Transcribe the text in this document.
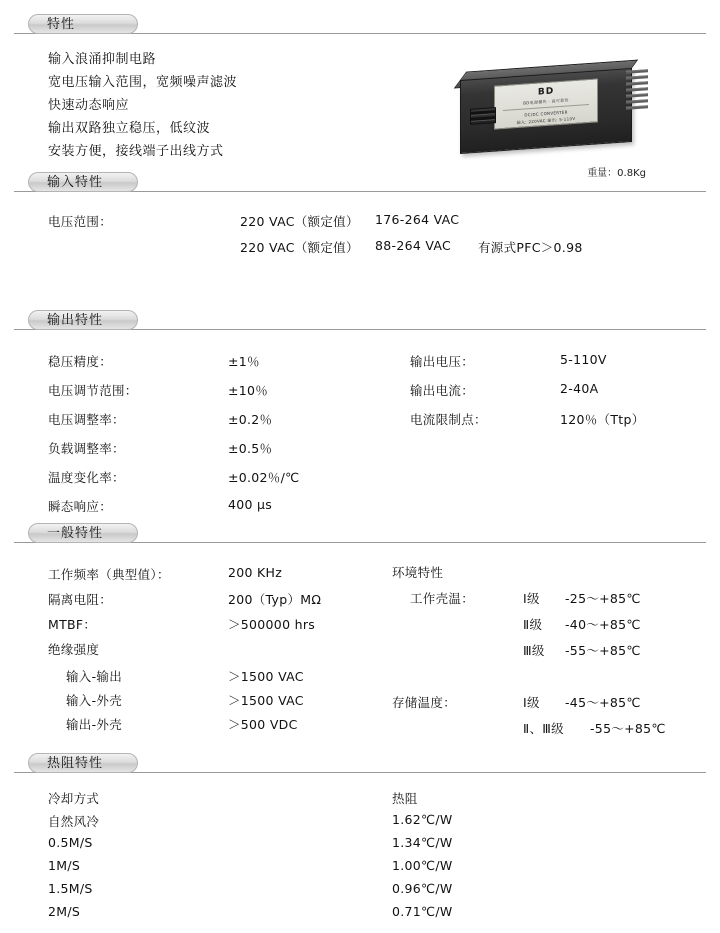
特性
输入浪涌抑制电路
宽电压输入范围，宽频噪声滤波
快速动态响应
输出双路独立稳压，低纹波
安装方便，接线端子出线方式
BD
BD电源模块 · 高可靠性
DC/DC CONVERTER
输入: 220VAC 输出: 5-110V
重量：0.8Kg
输入特性
电压范围：	220 VAC（额定值） 176-264 VAC
220 VAC（额定值） 88-264 VAC 有源式PFC＞0.98
输出特性
稳压精度：	±1％	输出电压：	5-110V
电压调节范围：	±10％	输出电流：	2-40A
电压调整率：	±0.2％	电流限制点：	120％（Ttp）
负载调整率：	±0.5％
温度变化率：	±0.02％/℃
瞬态响应：	400 μs
一般特性
工作频率（典型值）：	200 KHz
隔离电阻：	200（Typ）MΩ
MTBF：	＞500000 hrs
绝缘强度
输入-输出	＞1500 VAC
输入-外壳	＞1500 VAC
输出-外壳	＞500 VDC
环境特性
工作壳温：	Ⅰ级 -25～+85℃
Ⅱ级 -40～+85℃
Ⅲ级 -55～+85℃
存储温度：	Ⅰ级 -45～+85℃
Ⅱ、Ⅲ级 -55～+85℃
热阻特性
冷却方式	热阻
自然风冷	1.62℃/W
0.5M/S	1.34℃/W
1M/S	1.00℃/W
1.5M/S	0.96℃/W
2M/S	0.71℃/W
